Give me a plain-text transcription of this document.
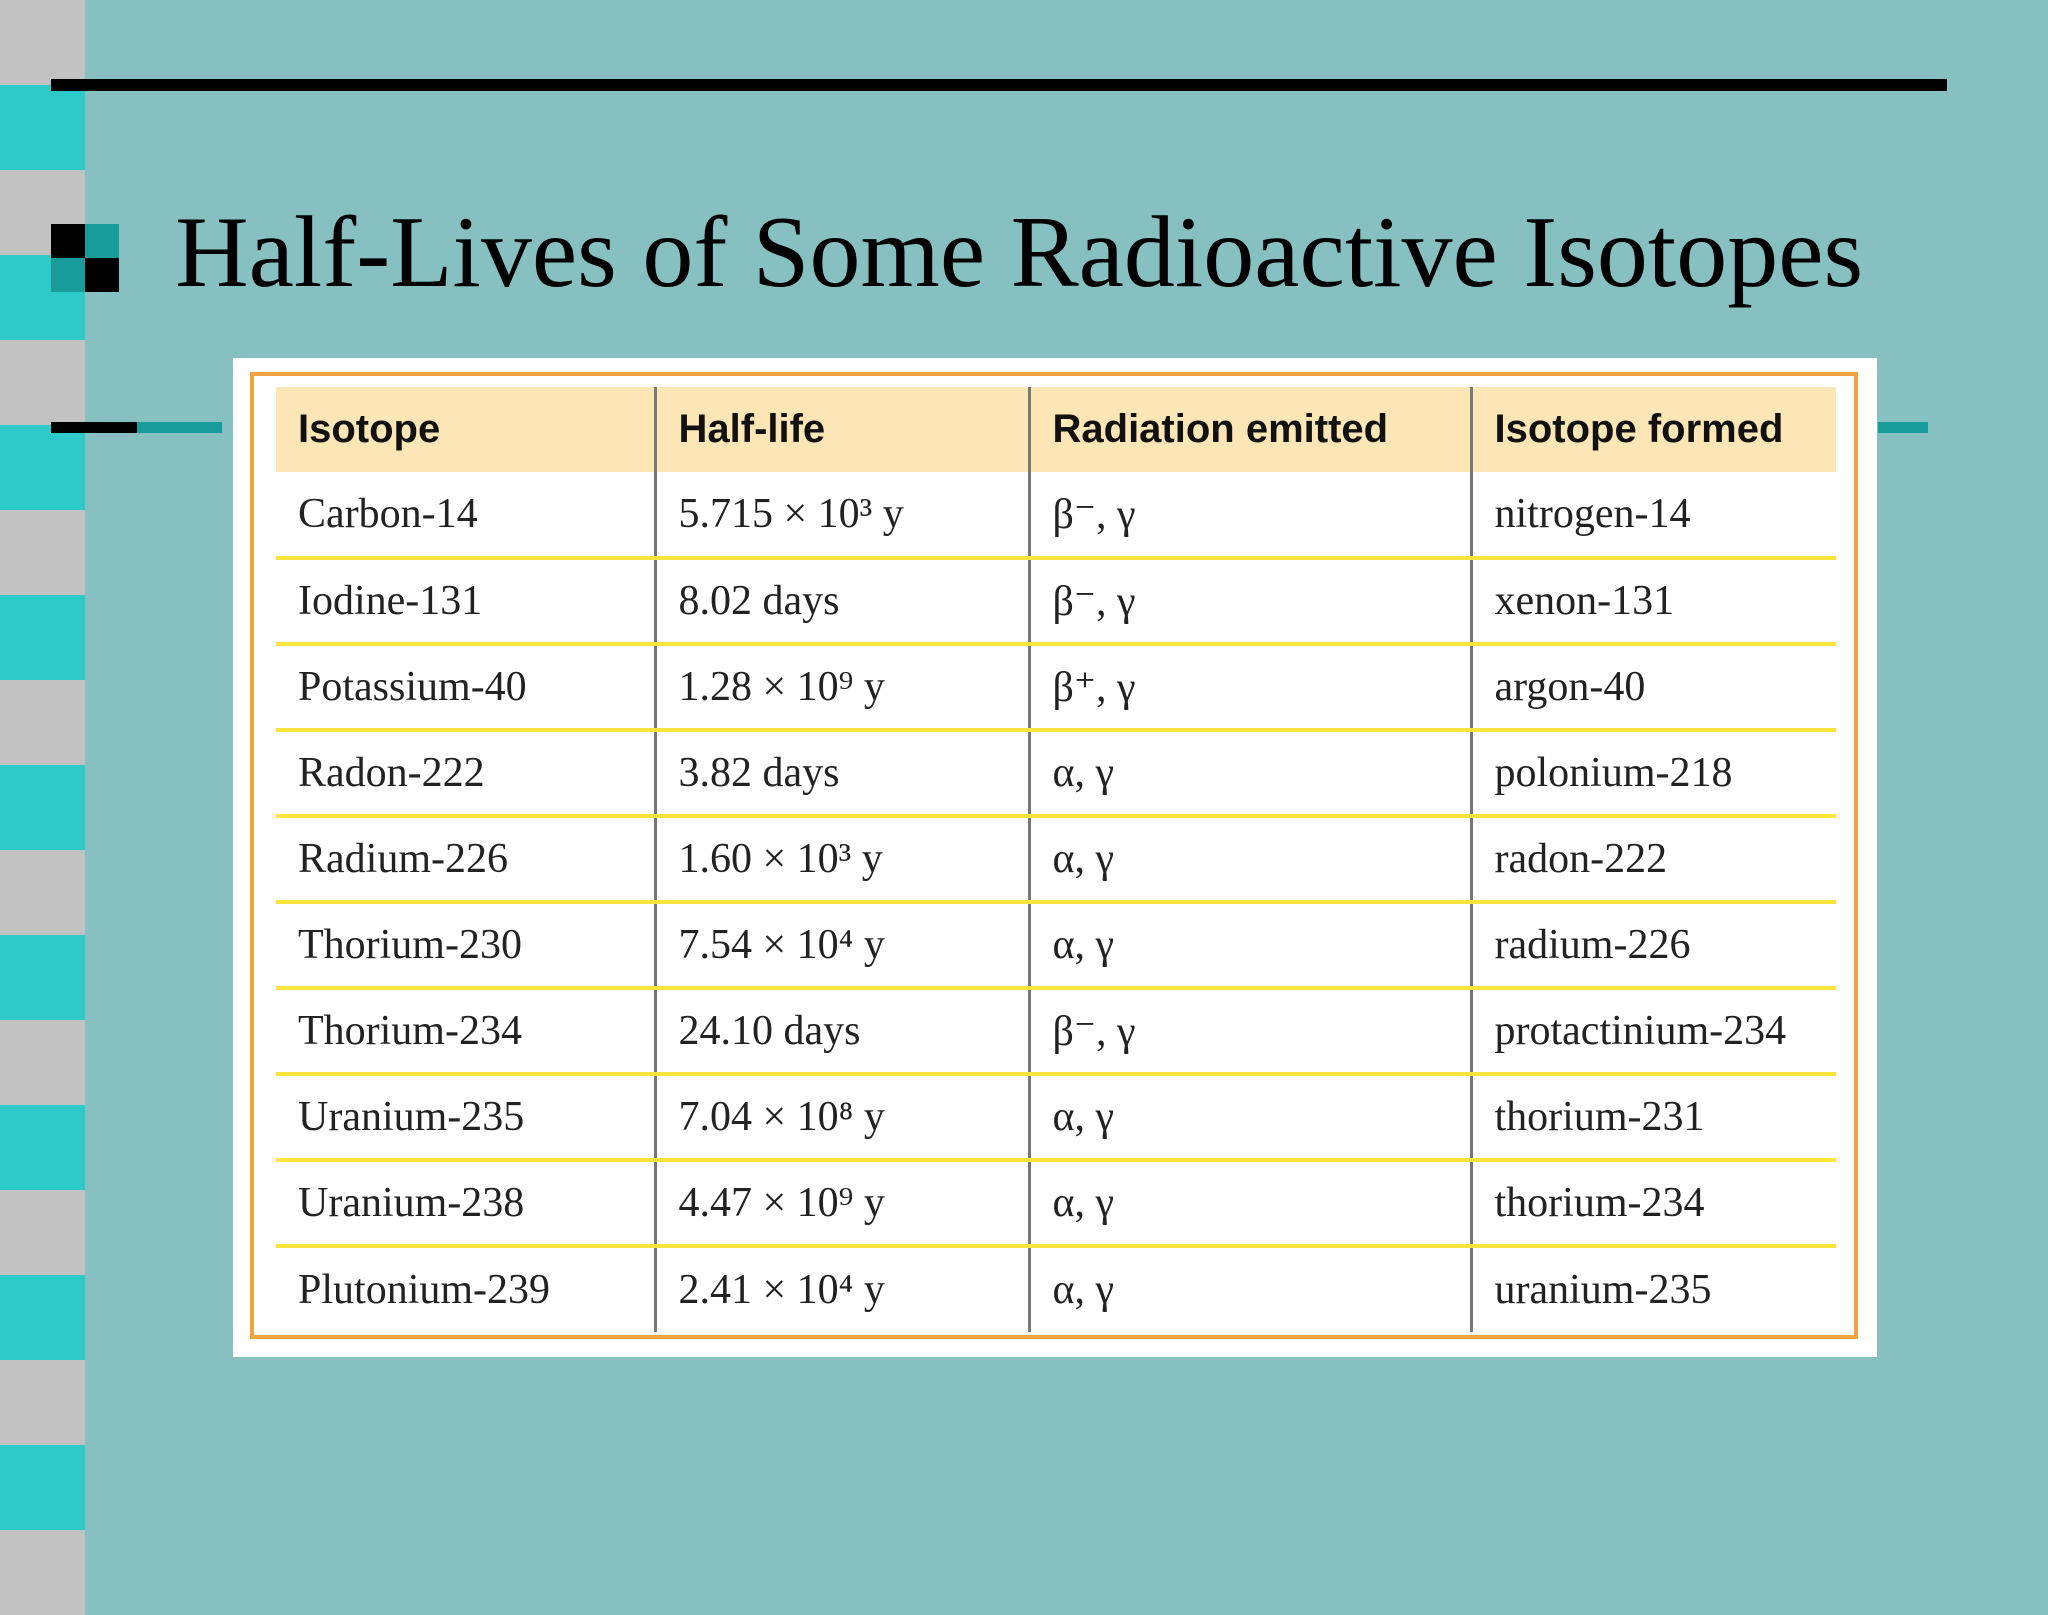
Half-Lives of Some Radioactive Isotopes
Isotope	Half-life	Radiation emitted	Isotope formed
Carbon-14	5.715 × 10³ y	β⁻, γ	nitrogen-14
Iodine-131	8.02 days	β⁻, γ	xenon-131
Potassium-40	1.28 × 10⁹ y	β⁺, γ	argon-40
Radon-222	3.82 days	α, γ	polonium-218
Radium-226	1.60 × 10³ y	α, γ	radon-222
Thorium-230	7.54 × 10⁴ y	α, γ	radium-226
Thorium-234	24.10 days	β⁻, γ	protactinium-234
Uranium-235	7.04 × 10⁸ y	α, γ	thorium-231
Uranium-238	4.47 × 10⁹ y	α, γ	thorium-234
Plutonium-239	2.41 × 10⁴ y	α, γ	uranium-235
